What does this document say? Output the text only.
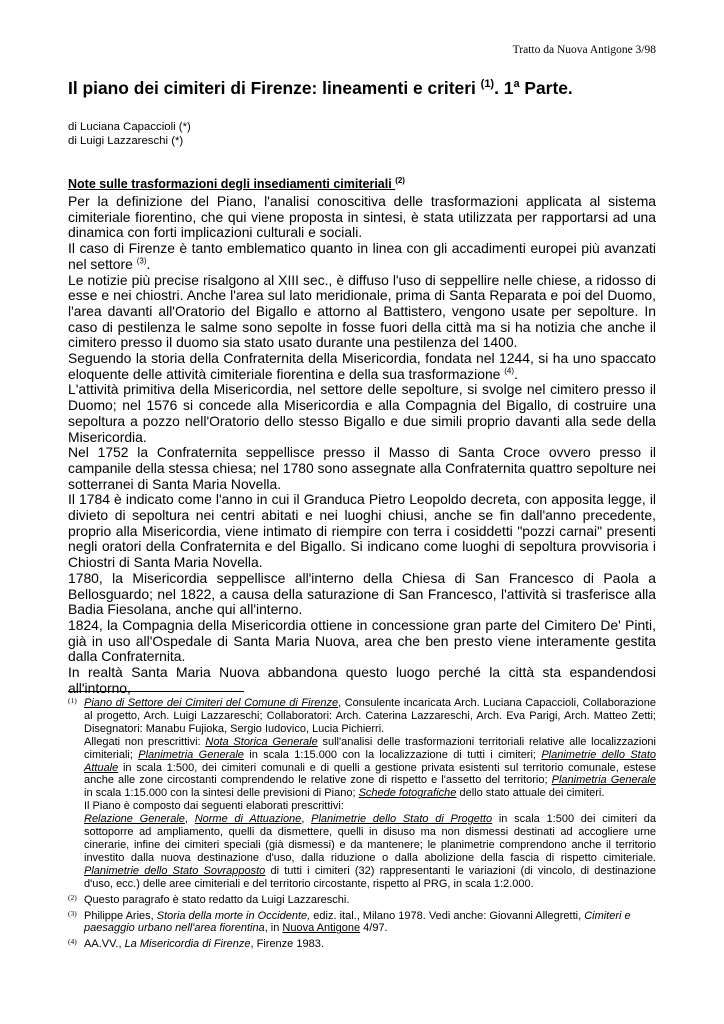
Tratto da Nuova Antigone 3/98
Il piano dei cimiteri di Firenze: lineamenti e criteri $^{(1)}$. 1$^a$ Parte.
di Luciana Capaccioli (*)
di Luigi Lazzareschi (*)
Note sulle trasformazioni degli insediamenti cimiteriali $^{(2)}$

Per la definizione del Piano, l'analisi conoscitiva delle trasformazioni applicata al sistema cimiteriale fiorentino, che qui viene proposta in sintesi, è stata utilizzata per rapportarsi ad una dinamica con forti implicazioni culturali e sociali.

Il caso di Firenze è tanto emblematico quanto in linea con gli accadimenti europei più avanzati nel settore $^{(3)}$.

Le notizie più precise risalgono al XIII sec., è diffuso l'uso di seppellire nelle chiese, a ridosso di esse e nei chiostri. Anche l'area sul lato meridionale, prima di Santa Reparata e poi del Duomo, l'area davanti all'Oratorio del Bigallo e attorno al Battistero, vengono usate per sepolture. In caso di pestilenza le salme sono sepolte in fosse fuori della città ma si ha notizia che anche il cimitero presso il duomo sia stato usato durante una pestilenza del 1400.

Seguendo la storia della Confraternita della Misericordia, fondata nel 1244, si ha uno spaccato eloquente delle attività cimiteriale fiorentina e della sua trasformazione $^{(4)}$.

L'attività primitiva della Misericordia, nel settore delle sepolture, si svolge nel cimitero presso il Duomo; nel 1576 si concede alla Misericordia e alla Compagnia del Bigallo, di costruire una sepoltura a pozzo nell'Oratorio dello stesso Bigallo e due simili proprio davanti alla sede della Misericordia.

Nel 1752 la Confraternita seppellisce presso il Masso di Santa Croce ovvero presso il campanile della stessa chiesa; nel 1780 sono assegnate alla Confraternita quattro sepolture nei sotterranei di Santa Maria Novella.

Il 1784 è indicato come l'anno in cui il Granduca Pietro Leopoldo decreta, con apposita legge, il divieto di sepoltura nei centri abitati e nei luoghi chiusi, anche se fin dall'anno precedente, proprio alla Misericordia, viene intimato di riempire con terra i cosiddetti "pozzi carnai" presenti negli oratori della Confraternita e del Bigallo. Si indicano come luoghi di sepoltura provvisoria i Chiostri di Santa Maria Novella.

1780, la Misericordia seppellisce all'interno della Chiesa di San Francesco di Paola a Bellosguardo; nel 1822, a causa della saturazione di San Francesco, l'attività si trasferisce alla Badia Fiesolana, anche qui all'interno.

1824, la Compagnia della Misericordia ottiene in concessione gran parte del Cimitero De' Pinti, già in uso all'Ospedale di Santa Maria Nuova, area che ben presto viene interamente gestita dalla Confraternita.

In realtà Santa Maria Nuova abbandona questo luogo perché la città sta espandendosi all'intorno,

(1) Piano di Settore dei Cimiteri del Comune di Firenze, Consulente incaricata Arch. Luciana Capaccioli, Collaborazione
al progetto, Arch. Luigi Lazzareschi; Collaboratori: Arch. Caterina Lazzareschi, Arch. Eva Parigi, Arch. Matteo Zetti;
Disegnatori: Manabu Fujioka, Sergio Iudovico, Lucia Pichierri.
Allegati non prescrittivi: Nota Storica Generale sull'analisi delle trasformazioni territoriali relative alle localizzazioni
cimiteriali; Planimetria Generale in scala 1:15.000 con la localizzazione di tutti i cimiteri; Planimetrie dello Stato
Attuale in scala 1:500, dei cimiteri comunali e di quelli a gestione privata esistenti sul territorio comunale, estese
anche alle zone circostanti comprendendo le relative zone di rispetto e l'assetto del territorio; Planimetria Generale
in scala 1:15.000 con la sintesi delle previsioni di Piano; Schede fotografiche dello stato attuale dei cimiteri.
Il Piano è composto dai seguenti elaborati prescrittivi:
Relazione Generale, Norme di Attuazione, Planimetrie dello Stato di Progetto in scala 1:500 dei cimiteri da
sottoporre ad ampliamento, quelli da dismettere, quelli in disuso ma non dismessi destinati ad accogliere urne
cinerarie, infine dei cimiteri speciali (già dismessi) e da mantenere; le planimetrie comprendono anche il territorio
investito dalla nuova destinazione d'uso, dalla riduzione o dalla abolizione della fascia di rispetto cimiteriale.
Planimetrie dello Stato Sovrapposto di tutti i cimiteri (32) rappresentanti le variazioni (di vincolo, di destinazione
d'uso, ecc.) delle aree cimiteriali e del territorio circostante, rispetto al PRG, in scala 1:2.000.
(2) Questo paragrafo è stato redatto da Luigi Lazzareschi.
(3) Philippe Aries, Storia della morte in Occidente, ediz. ital., Milano 1978. Vedi anche: Giovanni Allegretti, Cimiteri e
paesaggio urbano nell'area fiorentina, in Nuova Antigone 4/97.
(4) AA.VV., La Misericordia di Firenze, Firenze 1983.
